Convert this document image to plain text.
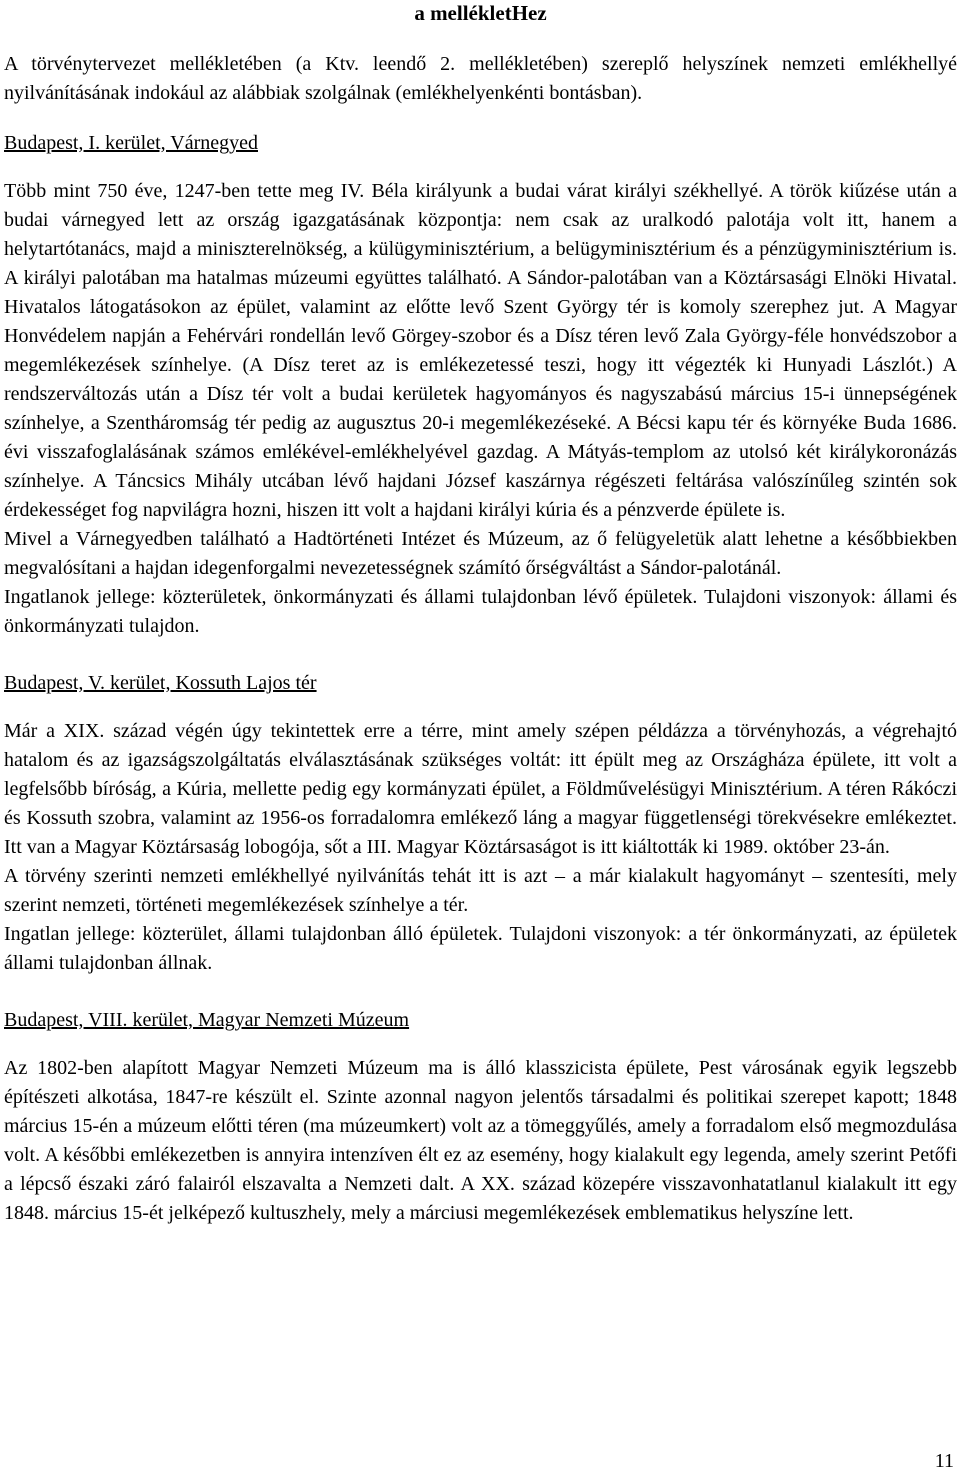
a mellékletHez

A törvénytervezet mellékletében (a Ktv. leendő 2. mellékletében) szereplő helyszínek nemzeti emlékhellyé nyilvánításának indokául az alábbiak szolgálnak (emlékhelyenkénti bontásban).

Budapest, I. kerület, Várnegyed

Több mint 750 éve, 1247-ben tette meg IV. Béla királyunk a budai várat királyi székhellyé. A török kiűzése után a budai várnegyed lett az ország igazgatásának központja: nem csak az uralkodó palotája volt itt, hanem a helytartótanács, majd a miniszterelnökség, a külügyminisztérium, a belügyminisztérium és a pénzügyminisztérium is. A királyi palotában ma hatalmas múzeumi együttes található. A Sándor-palotában van a Köztársasági Elnöki Hivatal. Hivatalos látogatásokon az épület, valamint az előtte levő Szent György tér is komoly szerephez jut. A Magyar Honvédelem napján a Fehérvári rondellán levő Görgey-szobor és a Dísz téren levő Zala György-féle honvédszobor a megemlékezések színhelye. (A Dísz teret az is emlékezetessé teszi, hogy itt végezték ki Hunyadi Lászlót.) A rendszerváltozás után a Dísz tér volt a budai kerületek hagyományos és nagyszabású március 15-i ünnepségének színhelye, a Szentháromság tér pedig az augusztus 20-i megemlékezéseké. A Bécsi kapu tér és környéke Buda 1686. évi visszafoglalásának számos emlékével-emlékhelyével gazdag. A Mátyás-templom az utolsó két királykoronázás színhelye. A Táncsics Mihály utcában lévő hajdani József kaszárnya régészeti feltárása valószínűleg szintén sok érdekességet fog napvilágra hozni, hiszen itt volt a hajdani királyi kúria és a pénzverde épülete is.

Mivel a Várnegyedben található a Hadtörténeti Intézet és Múzeum, az ő felügyeletük alatt lehetne a későbbiekben megvalósítani a hajdan idegenforgalmi nevezetességnek számító őrségváltást a Sándor-palotánál.

Ingatlanok jellege: közterületek, önkormányzati és állami tulajdonban lévő épületek. Tulajdoni viszonyok: állami és önkormányzati tulajdon.

Budapest, V. kerület, Kossuth Lajos tér

Már a XIX. század végén úgy tekintettek erre a térre, mint amely szépen példázza a törvényhozás, a végrehajtó hatalom és az igazságszolgáltatás elválasztásának szükséges voltát: itt épült meg az Országháza épülete, itt volt a legfelsőbb bíróság, a Kúria, mellette pedig egy kormányzati épület, a Földművelésügyi Minisztérium. A téren Rákóczi és Kossuth szobra, valamint az 1956-os forradalomra emlékező láng a magyar függetlenségi törekvésekre emlékeztet. Itt van a Magyar Köztársaság lobogója, sőt a III. Magyar Köztársaságot is itt kiáltották ki 1989. október 23-án.

A törvény szerinti nemzeti emlékhellyé nyilvánítás tehát itt is azt – a már kialakult hagyományt – szentesíti, mely szerint nemzeti, történeti megemlékezések színhelye a tér.

Ingatlan jellege: közterület, állami tulajdonban álló épületek. Tulajdoni viszonyok: a tér önkormányzati, az épületek állami tulajdonban állnak.

Budapest, VIII. kerület, Magyar Nemzeti Múzeum

Az 1802-ben alapított Magyar Nemzeti Múzeum ma is álló klasszicista épülete, Pest városának egyik legszebb építészeti alkotása, 1847-re készült el. Szinte azonnal nagyon jelentős társadalmi és politikai szerepet kapott; 1848 március 15-én a múzeum előtti téren (ma múzeumkert) volt az a tömeggyűlés, amely a forradalom első megmozdulása volt. A későbbi emlékezetben is annyira intenzíven élt ez az esemény, hogy kialakult egy legenda, amely szerint Petőfi a lépcső északi záró falairól elszavalta a Nemzeti dalt. A XX. század közepére visszavonhatatlanul kialakult itt egy 1848. március 15-ét jelképező kultuszhely, mely a márciusi megemlékezések emblematikus helyszíne lett.

11
